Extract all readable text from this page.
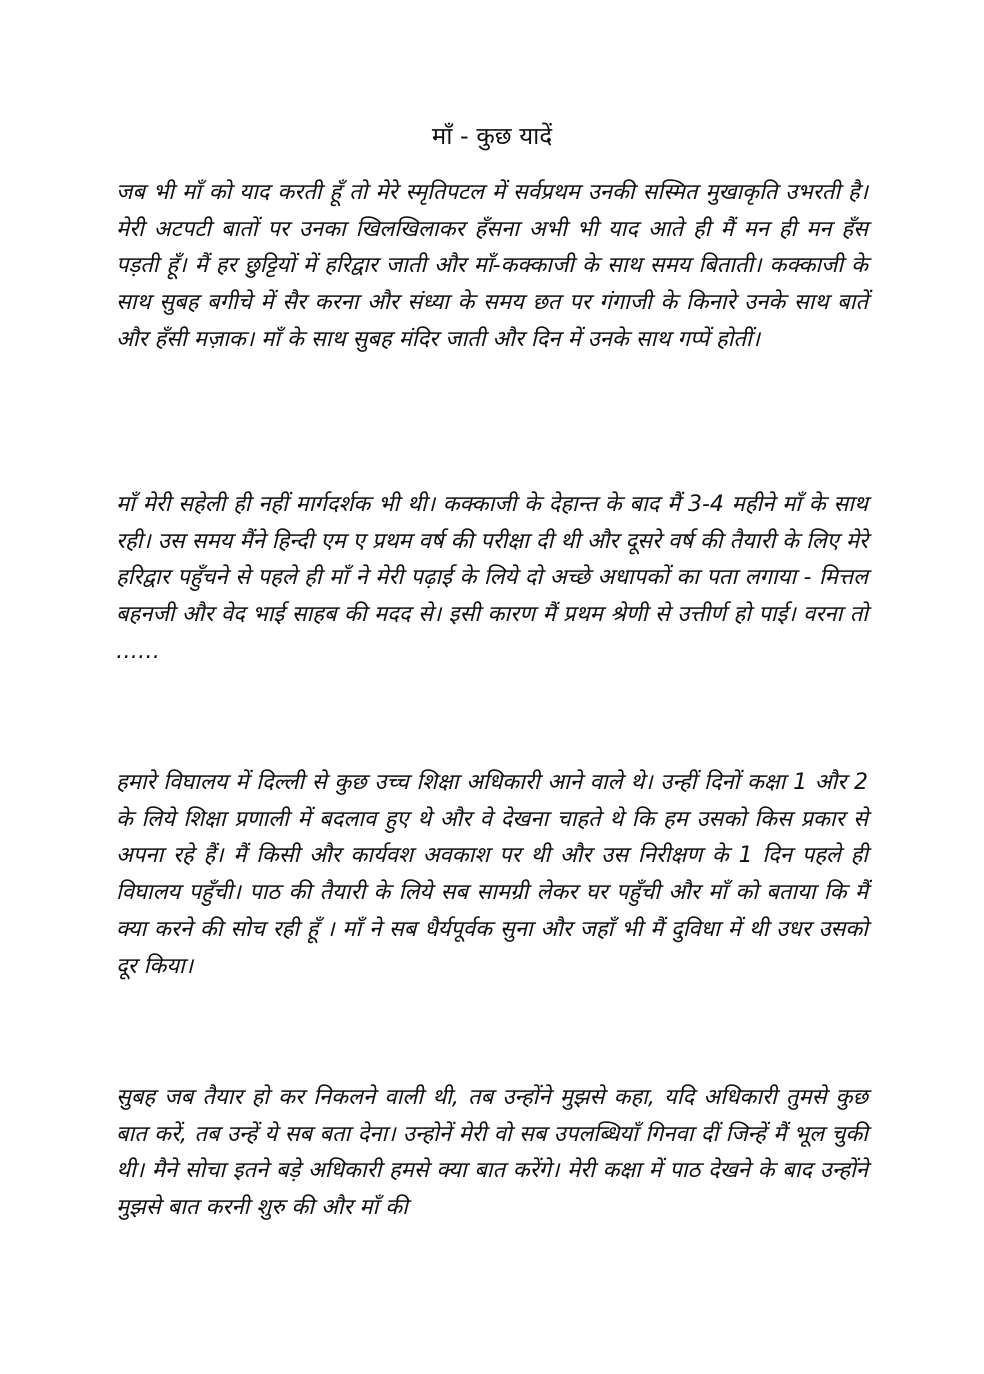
माँ - कुछ यादें

जब भी माँ को याद करती हूँ तो मेरे स्मृतिपटल में सर्वप्रथम उनकी सस्मित मुखाकृति उभरती है। मेरी अटपटी बातों पर उनका खिलखिलाकर हँसना अभी भी याद आते ही मैं मन ही मन हँस पड़ती हूँ। मैं हर छुट्टियों में हरिद्वार जाती और माँ-कक्काजी के साथ समय बिताती। कक्काजी के साथ सुबह बगीचे में सैर करना और संध्या के समय छत पर गंगाजी के किनारे उनके साथ बातें और हँसी मज़ाक। माँ के साथ सुबह मंदिर जाती और दिन में उनके साथ गप्पें होतीं।

माँ मेरी सहेली ही नहीं मार्गदर्शक भी थी। कक्काजी के देहान्त के बाद मैं 3-4 महीने माँ के साथ रही। उस समय मैंने हिन्दी एम ए प्रथम वर्ष की परीक्षा दी थी और दूसरे वर्ष की तैयारी के लिए मेरे हरिद्वार पहुँचने से पहले ही माँ ने मेरी पढ़ाई के लिये दो अच्छे अधापकों का पता लगाया - मित्तल बहनजी और वेद भाई साहब की मदद से। इसी कारण मैं प्रथम श्रेणी से उत्तीर्ण हो पाई। वरना तो ……

हमारे विघालय में दिल्ली से कुछ उच्च शिक्षा अधिकारी आने वाले थे। उन्हीं दिनों कक्षा 1 और 2 के लिये शिक्षा प्रणाली में बदलाव हुए थे और वे देखना चाहते थे कि हम उसको किस प्रकार से अपना रहे हैं। मैं किसी और कार्यवश अवकाश पर थी और उस निरीक्षण के 1 दिन पहले ही विघालय पहुँची। पाठ की तैयारी के लिये सब सामग्री लेकर घर पहुँची और माँ को बताया कि मैं क्या करने की सोच रही हूँ । माँ ने सब धैर्यपूर्वक सुना और जहाँ भी मैं दुविधा में थी उधर उसको दूर किया।

सुबह जब तैयार हो कर निकलने वाली थी, तब उन्होंने मुझसे कहा, यदि अधिकारी तुमसे कुछ बात करें, तब उन्हें ये सब बता देना। उन्होनें मेरी वो सब उपलब्धियाँ गिनवा दीं जिन्हें मैं भूल चुकी थी। मैने सोचा इतने बड़े अधिकारी हमसे क्या बात करेंगे। मेरी कक्षा में पाठ देखने के बाद उन्होंने मुझसे बात करनी शुरु की और माँ की
